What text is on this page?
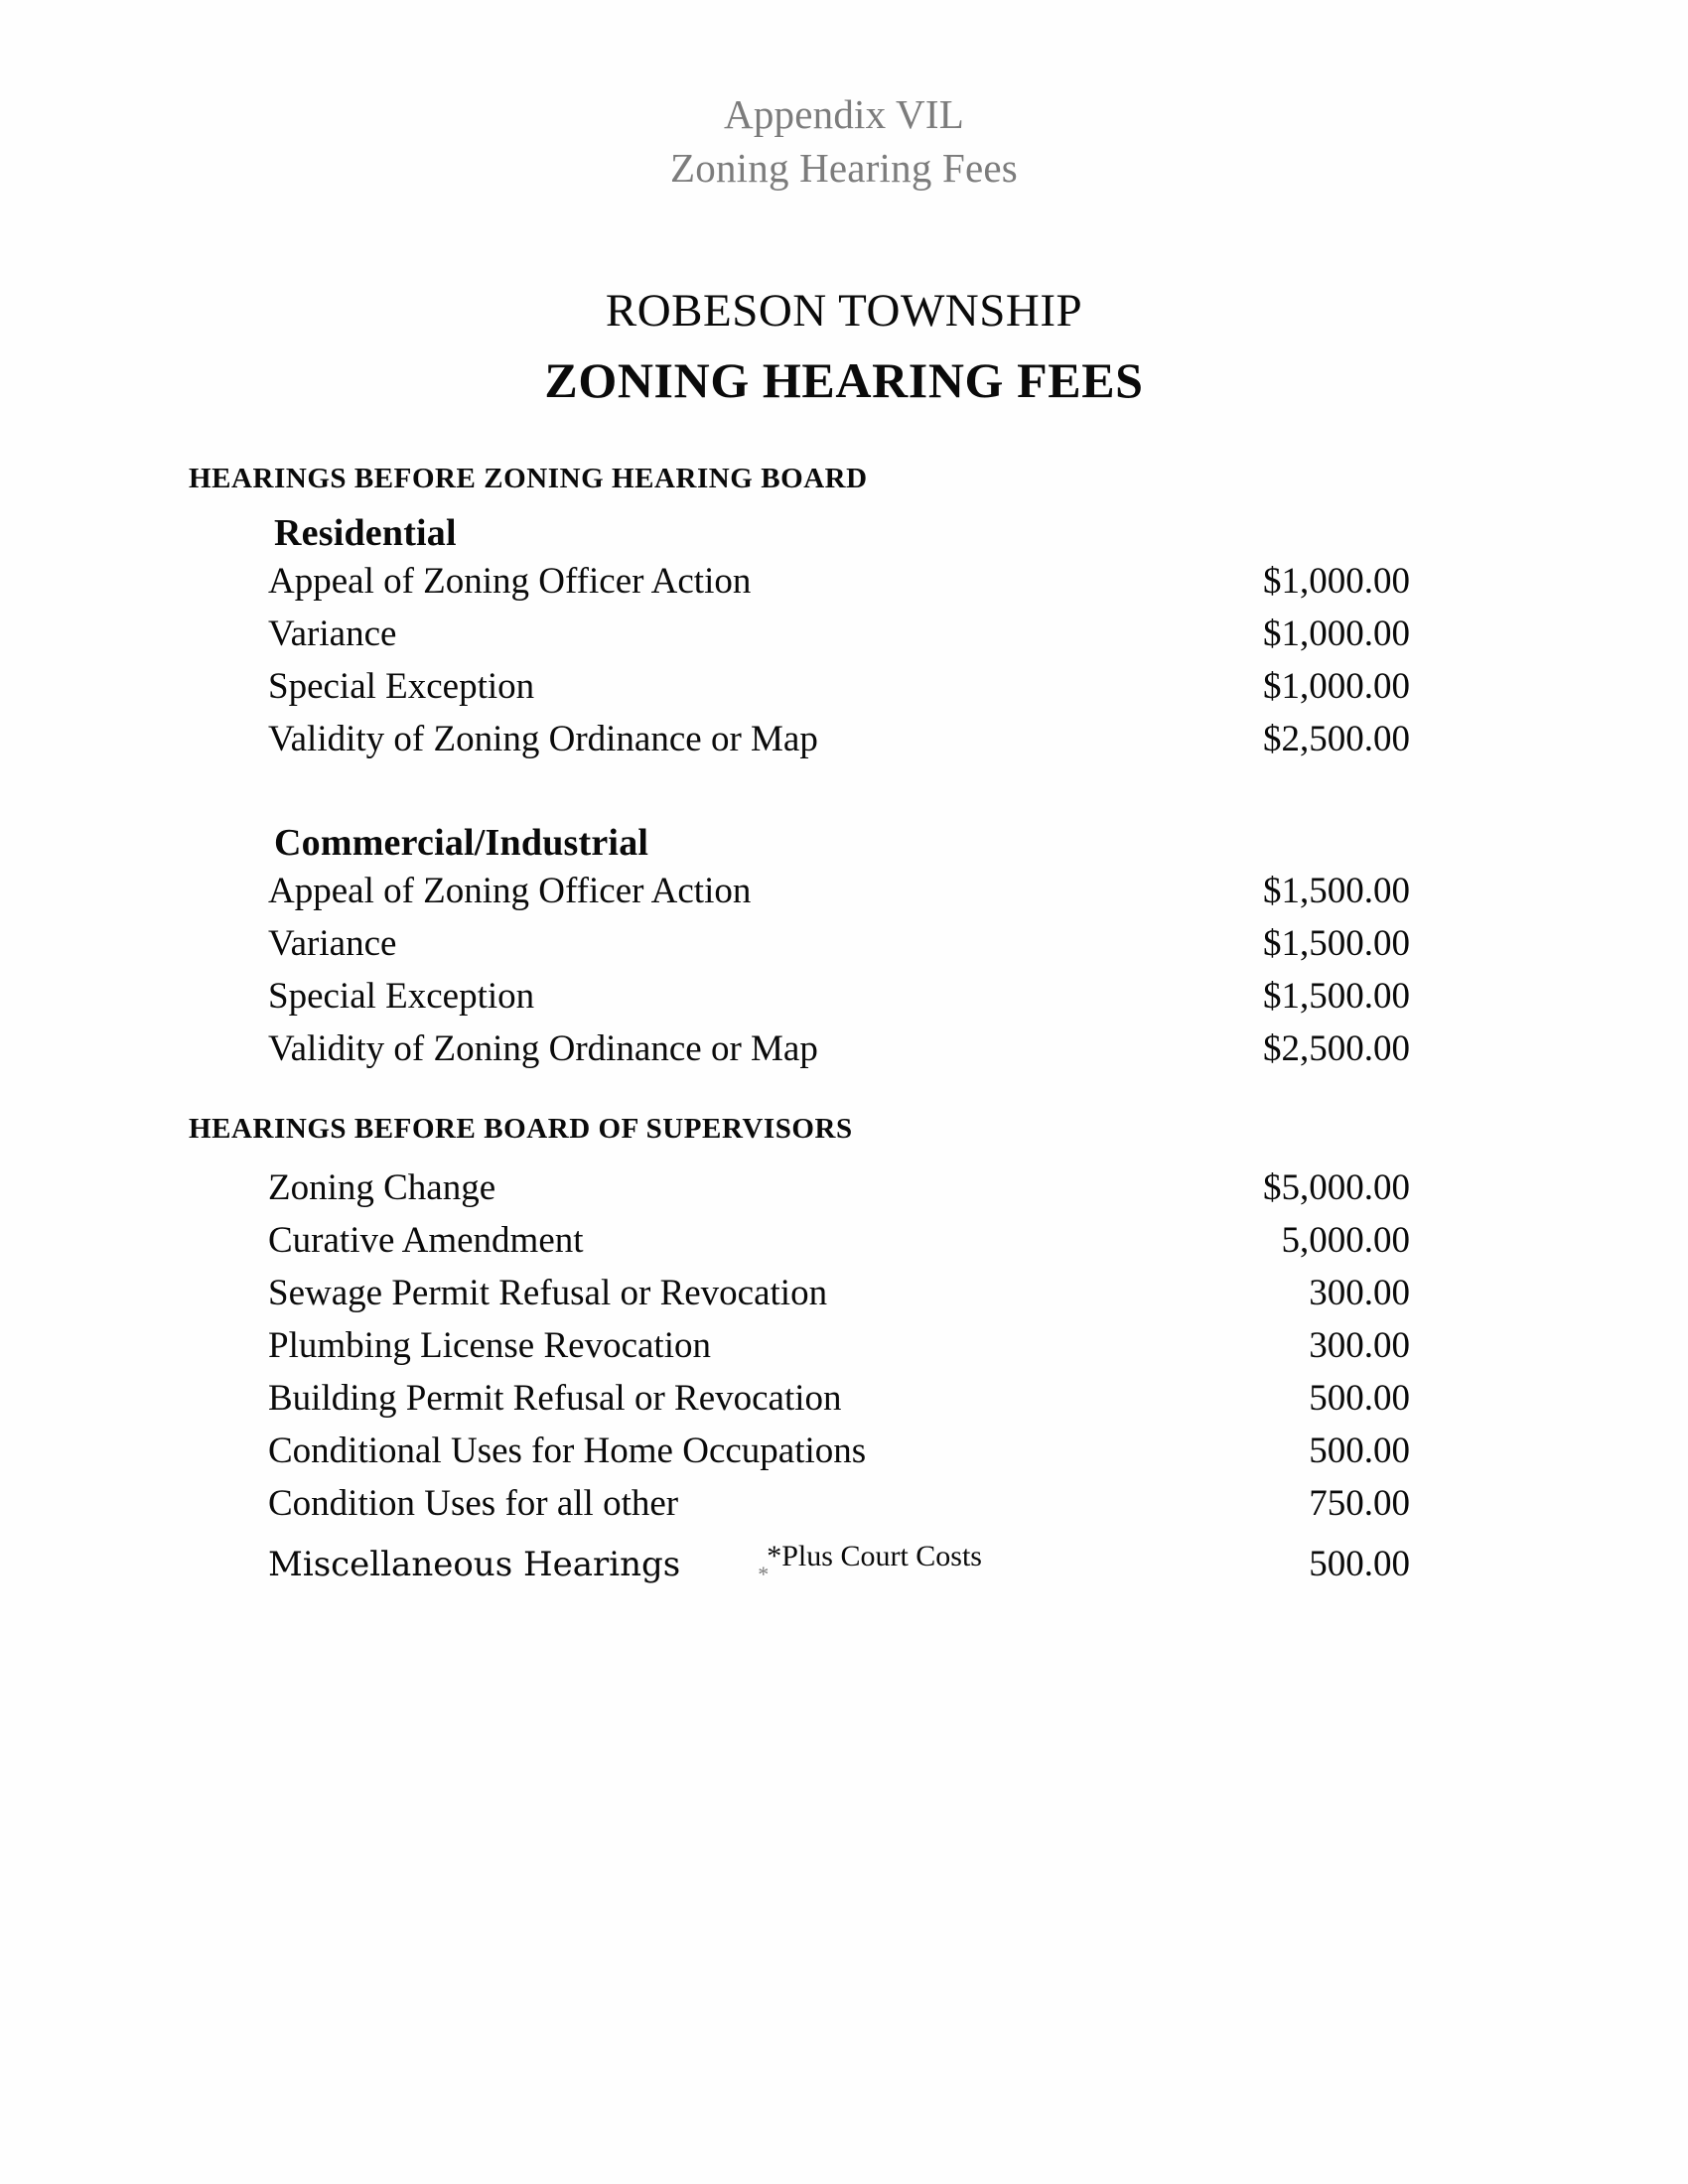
Appendix VIL
Zoning Hearing Fees
ROBESON TOWNSHIP
ZONING HEARING FEES
HEARINGS BEFORE ZONING HEARING BOARD
Residential
Appeal of Zoning Officer Action	$1,000.00
Variance	$1,000.00
Special Exception	$1,000.00
Validity of Zoning Ordinance or Map	$2,500.00
Commercial/Industrial
Appeal of Zoning Officer Action	$1,500.00
Variance	$1,500.00
Special Exception	$1,500.00
Validity of Zoning Ordinance or Map	$2,500.00
HEARINGS BEFORE BOARD OF SUPERVISORS
Zoning Change	$5,000.00
Curative Amendment	5,000.00
Sewage Permit Refusal or Revocation	300.00
Plumbing License Revocation	300.00
Building Permit Refusal or Revocation	500.00
Conditional Uses for Home Occupations	500.00
Condition Uses for all other	750.00
Miscellaneous Hearings	**Plus Court Costs	500.00
